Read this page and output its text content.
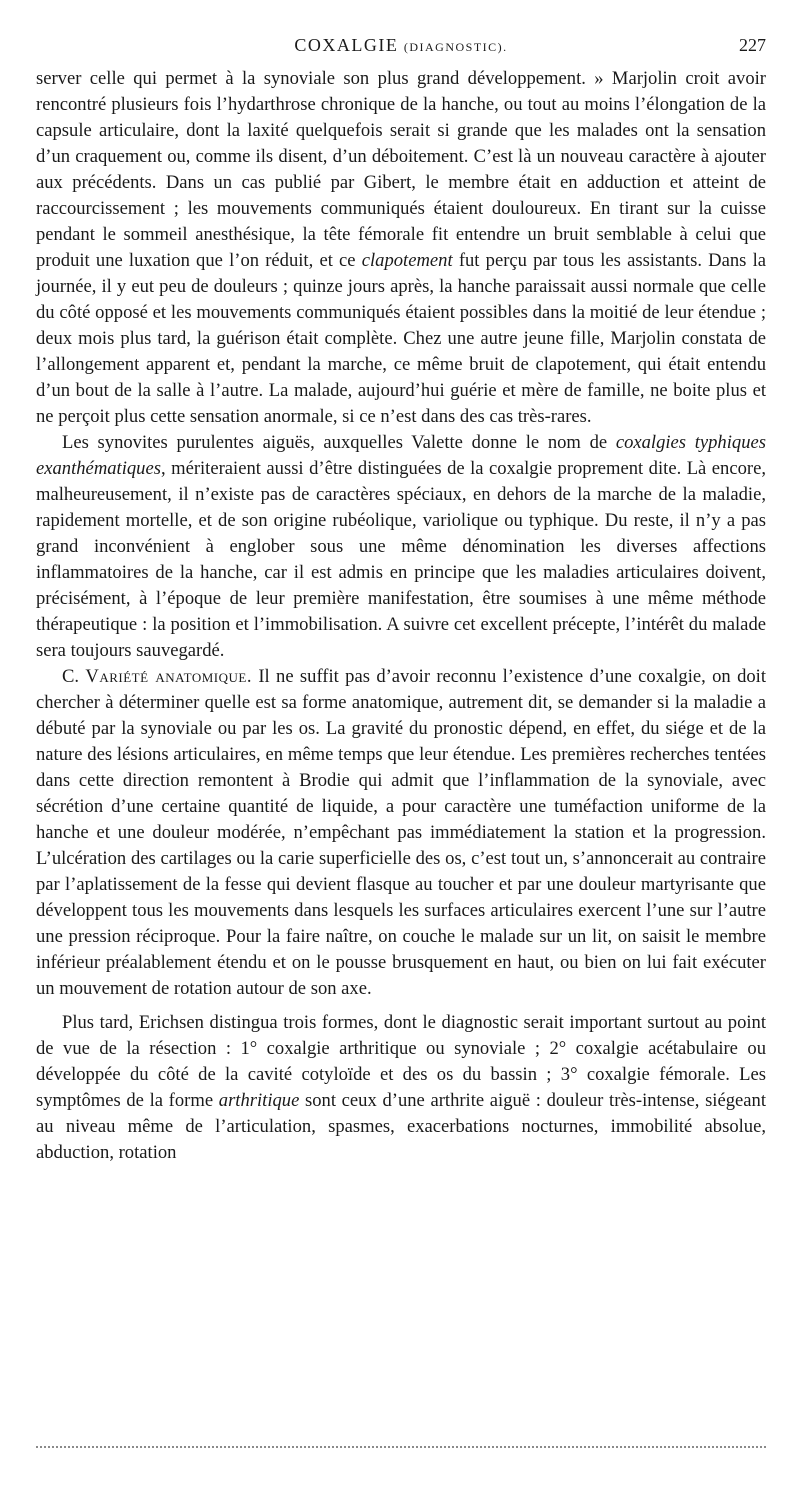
COXALGIE (DIAGNOSTIC).	227

server celle qui permet à la synoviale son plus grand développement. » Marjolin croit avoir rencontré plusieurs fois l’hydarthrose chronique de la hanche, ou tout au moins l’élongation de la capsule articulaire, dont la laxité quelquefois serait si grande que les malades ont la sensation d’un craquement ou, comme ils disent, d’un déboitement. C’est là un nouveau caractère à ajouter aux précédents. Dans un cas publié par Gibert, le membre était en adduction et atteint de raccourcissement ; les mouvements communiqués étaient douloureux. En tirant sur la cuisse pendant le sommeil anesthésique, la tête fémorale fit entendre un bruit semblable à celui que produit une luxation que l’on réduit, et ce clapotement fut perçu par tous les assistants. Dans la journée, il y eut peu de douleurs ; quinze jours après, la hanche paraissait aussi normale que celle du côté opposé et les mouvements communiqués étaient possibles dans la moitié de leur étendue ; deux mois plus tard, la guérison était complète. Chez une autre jeune fille, Marjolin constata de l’allongement apparent et, pendant la marche, ce même bruit de clapotement, qui était entendu d’un bout de la salle à l’autre. La malade, aujourd’hui guérie et mère de famille, ne boite plus et ne perçoit plus cette sensation anormale, si ce n’est dans des cas très-rares.

Les synovites purulentes aiguës, auxquelles Valette donne le nom de coxalgies typhiques exanthématiques, mériteraient aussi d’être distinguées de la coxalgie proprement dite. Là encore, malheureusement, il n’existe pas de caractères spéciaux, en dehors de la marche de la maladie, rapidement mortelle, et de son origine rubéolique, variolique ou typhique. Du reste, il n’y a pas grand inconvénient à englober sous une même dénomination les diverses affections inflammatoires de la hanche, car il est admis en principe que les maladies articulaires doivent, précisément, à l’époque de leur première manifestation, être soumises à une même méthode thérapeutique : la position et l’immobilisation. A suivre cet excellent précepte, l’intérêt du malade sera toujours sauvegardé.

C. Variété anatomique. Il ne suffit pas d’avoir reconnu l’existence d’une coxalgie, on doit chercher à déterminer quelle est sa forme anatomique, autrement dit, se demander si la maladie a débuté par la synoviale ou par les os. La gravité du pronostic dépend, en effet, du siége et de la nature des lésions articulaires, en même temps que leur étendue. Les premières recherches tentées dans cette direction remontent à Brodie qui admit que l’inflammation de la synoviale, avec sécrétion d’une certaine quantité de liquide, a pour caractère une tuméfaction uniforme de la hanche et une douleur modérée, n’empêchant pas immédiatement la station et la progression. L’ulcération des cartilages ou la carie superficielle des os, c’est tout un, s’annoncerait au contraire par l’aplatissement de la fesse qui devient flasque au toucher et par une douleur martyrisante que développent tous les mouvements dans lesquels les surfaces articulaires exercent l’une sur l’autre une pression réciproque. Pour la faire naître, on couche le malade sur un lit, on saisit le membre inférieur préalablement étendu et on le pousse brusquement en haut, ou bien on lui fait exécuter un mouvement de rotation autour de son axe.

Plus tard, Erichsen distingua trois formes, dont le diagnostic serait important surtout au point de vue de la résection : 1° coxalgie arthritique ou synoviale ; 2° coxalgie acétabulaire ou développée du côté de la cavité cotyloïde et des os du bassin ; 3° coxalgie fémorale. Les symptômes de la forme arthritique sont ceux d’une arthrite aiguë : douleur très-intense, siégeant au niveau même de l’articulation, spasmes, exacerbations nocturnes, immobilité absolue, abduction, rotation
